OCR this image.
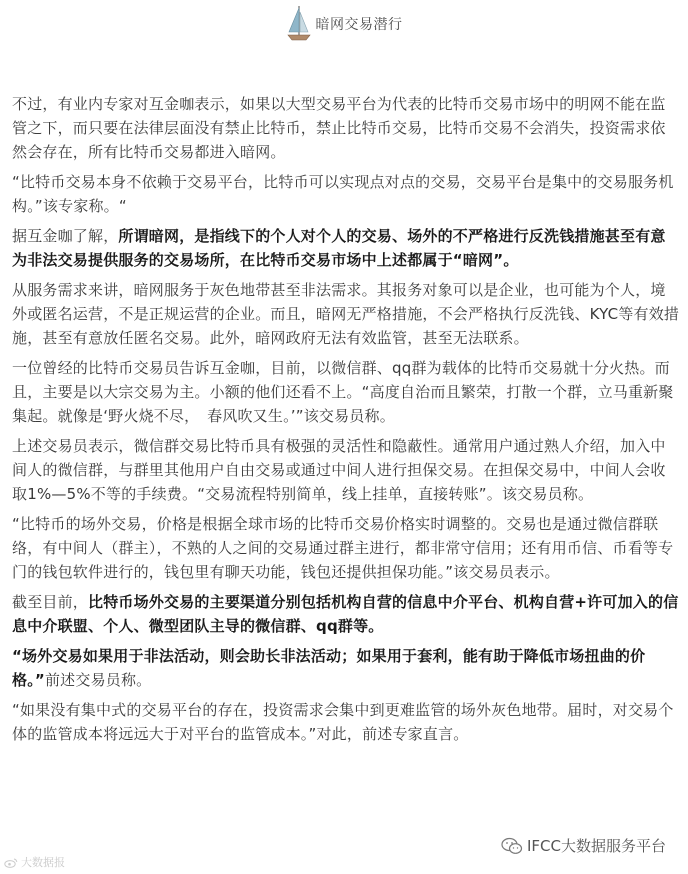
暗网交易潜行

不过，有业内专家对互金咖表示，如果以大型交易平台为代表的比特币交易市场中的明网不能在监管之下，而只要在法律层面没有禁止比特币，禁止比特币交易，比特币交易不会消失，投资需求依然会存在，所有比特币交易都进入暗网。

“比特币交易本身不依赖于交易平台，比特币可以实现点对点的交易，交易平台是集中的交易服务机构。”该专家称。“

据互金咖了解，所谓暗网，是指线下的个人对个人的交易、场外的不严格进行反洗钱措施甚至有意为非法交易提供服务的交易场所，在比特币交易市场中上述都属于“暗网”。

从服务需求来讲，暗网服务于灰色地带甚至非法需求。其报务对象可以是企业，也可能为个人，境外或匿名运营，不是正规运营的企业。而且，暗网无严格措施，不会严格执行反洗钱、KYC等有效措施，甚至有意放任匿名交易。此外，暗网政府无法有效监管，甚至无法联系。

一位曾经的比特币交易员告诉互金咖，目前，以微信群、qq群为载体的比特币交易就十分火热。而且，主要是以大宗交易为主。小额的他们还看不上。“高度自治而且繁荣，打散一个群，立马重新聚集起。就像是‘野火烧不尽，　春风吹又生。’”该交易员称。

上述交易员表示，微信群交易比特币具有极强的灵活性和隐蔽性。通常用户通过熟人介绍，加入中间人的微信群，与群里其他用户自由交易或通过中间人进行担保交易。在担保交易中，中间人会收取1%—5%不等的手续费。“交易流程特别简单，线上挂单，直接转账”。该交易员称。

“比特币的场外交易，价格是根据全球市场的比特币交易价格实时调整的。交易也是通过微信群联络，有中间人（群主），不熟的人之间的交易通过群主进行，都非常守信用；还有用币信、币看等专门的钱包软件进行的，钱包里有聊天功能，钱包还提供担保功能。”该交易员表示。

截至目前，比特币场外交易的主要渠道分别包括机构自营的信息中介平台、机构自营+许可加入的信息中介联盟、个人、微型团队主导的微信群、qq群等。

“场外交易如果用于非法活动，则会助长非法活动；如果用于套利，能有助于降低市场扭曲的价格。”前述交易员称。

“如果没有集中式的交易平台的存在，投资需求会集中到更难监管的场外灰色地带。届时，对交易个体的监管成本将远远大于对平台的监管成本。”对此，前述专家直言。

大数据报
IFCC大数据服务平台
